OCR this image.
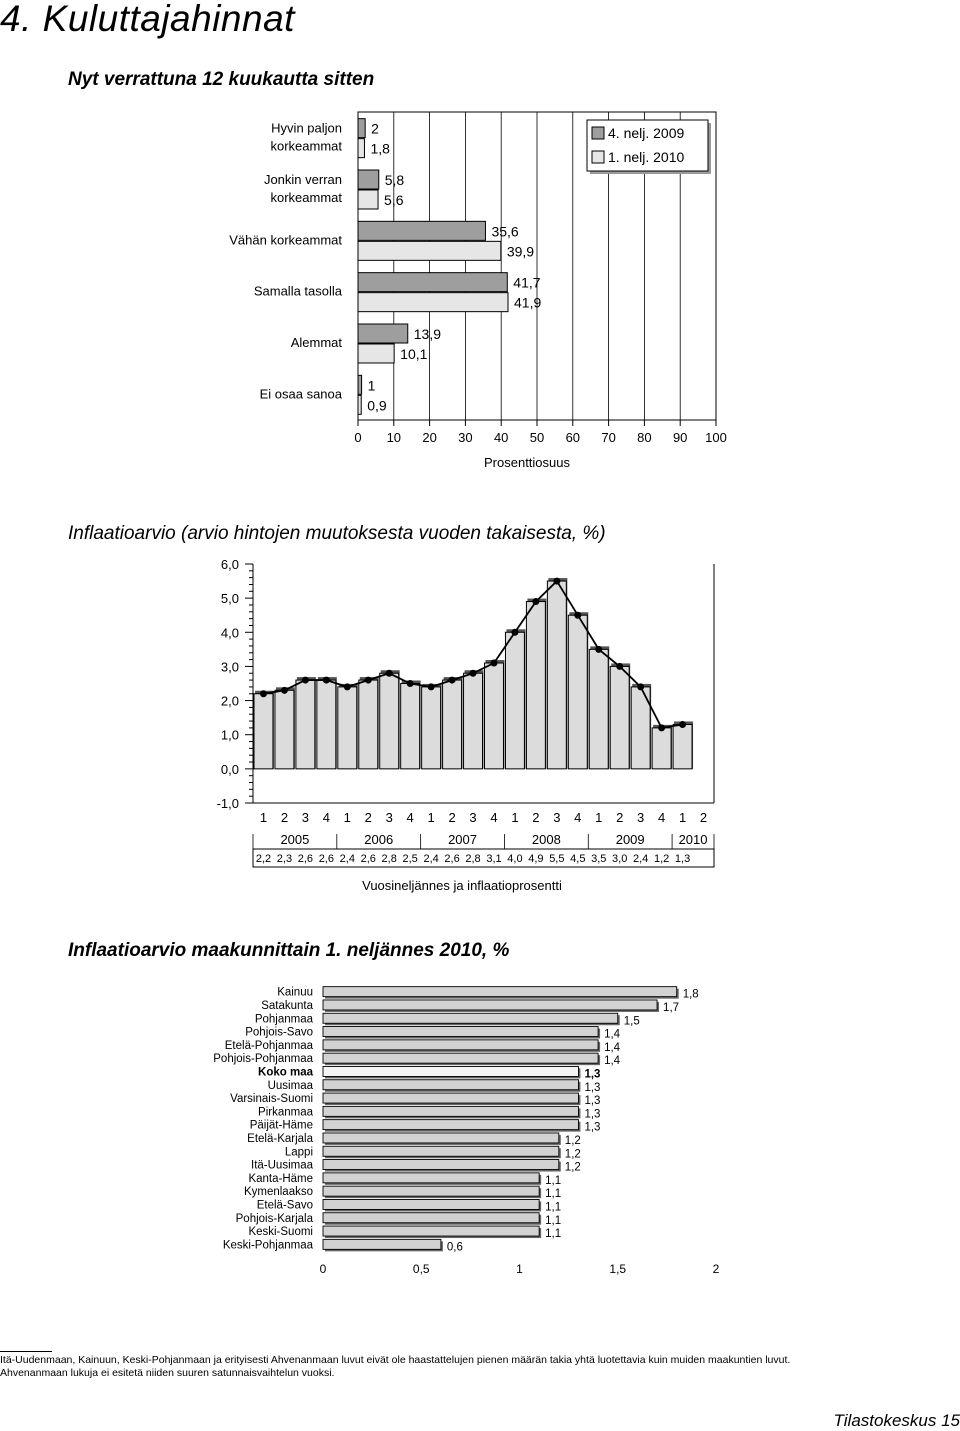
4. Kuluttajahinnat
Nyt verrattuna 12 kuukautta sitten
0 10 20 30 40 50 60 70 80 90 100
Prosenttiosuus
Hyvin paljon
korkeammat
2
1,8
Jonkin verran
korkeammat
5,8
5,6
Vähän korkeammat
35,6
39,9
Samalla tasolla
41,7
41,9
Alemmat
13,9
10,1
Ei osaa sanoa
1
0,9
4. nelj. 2009
1. nelj. 2010
Inflaatioarvio (arvio hintojen muutoksesta vuoden takaisesta, %)
6,0
5,0
4,0
3,0
2,0
1,0
0,0
-1,0
1 2 3 4 1 2 3 4 1 2 3 4 1 2 3 4 1 2 3 4 1 2
2005	2006	2007	2008	2009	2010
2,2 2,3 2,6 2,6 2,4 2,6 2,8 2,5 2,4 2,6 2,8 3,1 4,0 4,9 5,5 4,5 3,5 3,0 2,4 1,2 1,3
Vuosineljännes ja inflaatioprosentti
Inflaatioarvio maakunnittain 1. neljännes 2010, %
Kainuu	1,8
Satakunta	1,7
Pohjanmaa	1,5
Pohjois-Savo	1,4
Etelä-Pohjanmaa	1,4
Pohjois-Pohjanmaa	1,4
Koko maa	1,3
Uusimaa	1,3
Varsinais-Suomi	1,3
Pirkanmaa	1,3
Päijät-Häme	1,3
Etelä-Karjala	1,2
Lappi	1,2
Itä-Uusimaa	1,2
Kanta-Häme	1,1
Kymenlaakso	1,1
Etelä-Savo	1,1
Pohjois-Karjala	1,1
Keski-Suomi	1,1
Keski-Pohjanmaa	0,6
0	0,5	1	1,5	2
Itä-Uudenmaan, Kainuun, Keski-Pohjanmaan ja erityisesti Ahvenanmaan luvut eivät ole haastattelujen pienen määrän takia yhtä luotettavia kuin muiden maakuntien luvut.
Ahvenanmaan lukuja ei esitetä niiden suuren satunnaisvaihtelun vuoksi.
Tilastokeskus 15
